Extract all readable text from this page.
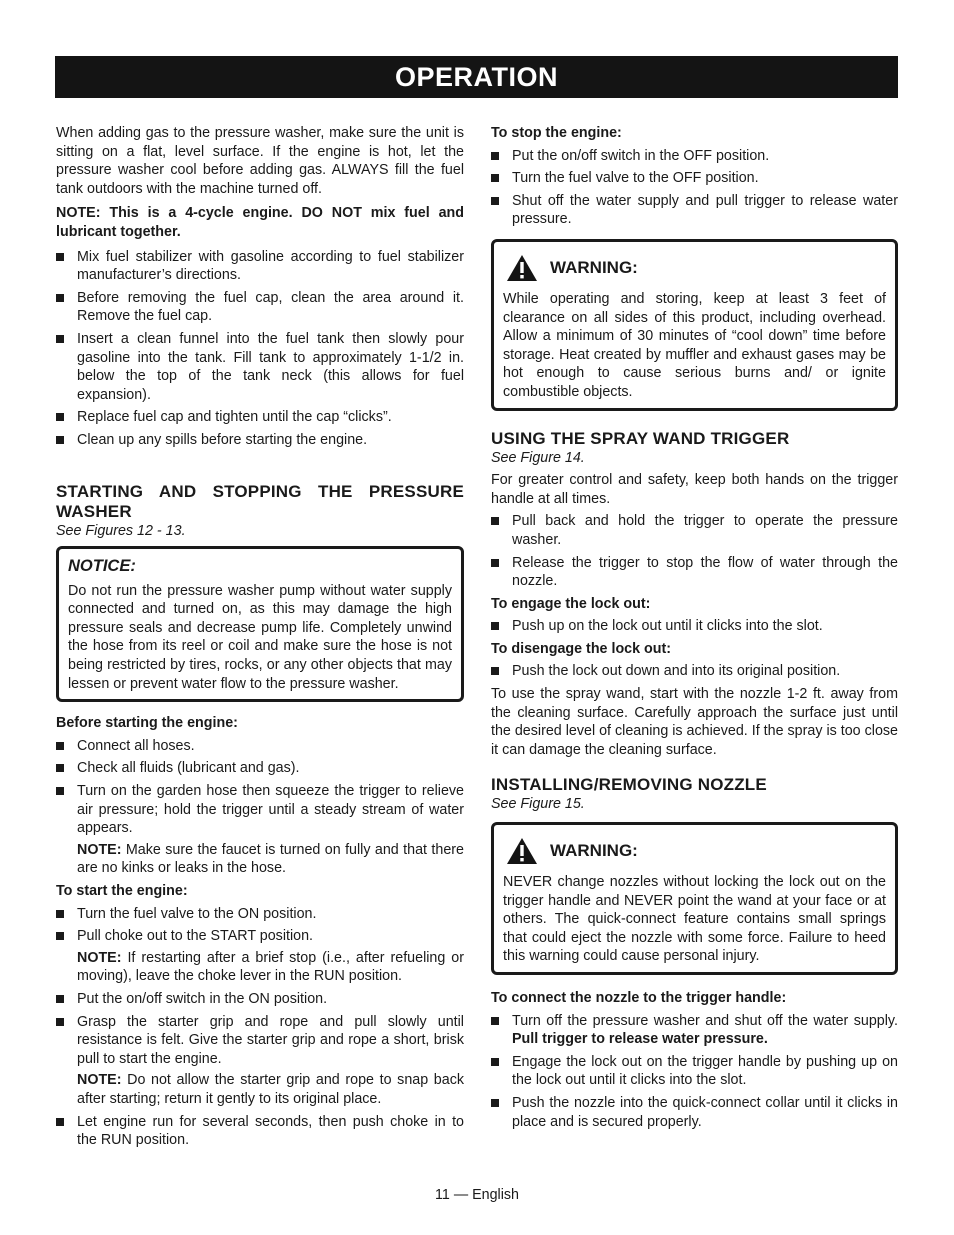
OPERATION

When adding gas to the pressure washer, make sure the unit is sitting on a flat, level surface. If the engine is hot, let the pressure washer cool before adding gas. ALWAYS fill the fuel tank outdoors with the machine turned off.

NOTE: This is a 4-cycle engine. DO NOT mix fuel and lubricant together.

Mix fuel stabilizer with gasoline according to fuel stabilizer manufacturer’s directions.
Before removing the fuel cap, clean the area around it. Remove the fuel cap.
Insert a clean funnel into the fuel tank then slowly pour gasoline into the tank. Fill tank to approximately 1-1/2 in. below the top of the tank neck (this allows for fuel expansion).
Replace fuel cap and tighten until the cap “clicks”.
Clean up any spills before starting the engine.
STARTING AND STOPPING THE PRESSURE WASHER
See Figures 12 - 13.
NOTICE:

Do not run the pressure washer pump without water supply connected and turned on, as this may damage the high pressure seals and decrease pump life. Completely unwind the hose from its reel or coil and make sure the hose is not being restricted by tires, rocks, or any other objects that may lessen or prevent water flow to the pressure washer.

Before starting the engine:
Connect all hoses.
Check all fluids (lubricant and gas).
Turn on the garden hose then squeeze the trigger to relieve air pressure; hold the trigger until a steady stream of water appears.
NOTE: Make sure the faucet is turned on fully and that there are no kinks or leaks in the hose.
To start the engine:
Turn the fuel valve to the ON position.
Pull choke out to the START position.
NOTE: If restarting after a brief stop (i.e., after refueling or moving), leave the choke lever in the RUN position.
Put the on/off switch in the ON position.
Grasp the starter grip and rope and pull slowly until resistance is felt. Give the starter grip and rope a short, brisk pull to start the engine.
NOTE: Do not allow the starter grip and rope to snap back after starting; return it gently to its original place.
Let engine run for several seconds, then push choke in to the RUN position.
To stop the engine:
Put the on/off switch in the OFF position.
Turn the fuel valve to the OFF position.
Shut off the water supply and pull trigger to release water pressure.
WARNING:

While operating and storing, keep at least 3 feet of clearance on all sides of this product, including overhead. Allow a minimum of 30 minutes of “cool down” time before storage. Heat created by muffler and exhaust gases may be hot enough to cause serious burns and/ or ignite combustible objects.

USING THE SPRAY WAND TRIGGER
See Figure 14.

For greater control and safety, keep both hands on the trigger handle at all times.

Pull back and hold the trigger to operate the pressure washer.
Release the trigger to stop the flow of water through the nozzle.
To engage the lock out:
Push up on the lock out until it clicks into the slot.
To disengage the lock out:
Push the lock out down and into its original position.

To use the spray wand, start with the nozzle 1-2 ft. away from the cleaning surface. Carefully approach the surface just until the desired level of cleaning is achieved. If the spray is too close it can damage the cleaning surface.

INSTALLING/REMOVING NOZZLE
See Figure 15.
WARNING:

NEVER change nozzles without locking the lock out on the trigger handle and NEVER point the wand at your face or at others. The quick-connect feature contains small springs that could eject the nozzle with some force. Failure to heed this warning could cause personal injury.

To connect the nozzle to the trigger handle:
Turn off the pressure washer and shut off the water supply. Pull trigger to release water pressure.
Engage the lock out on the trigger handle by pushing up on the lock out until it clicks into the slot.
Push the nozzle into the quick-connect collar until it clicks in place and is secured properly.
11 — English
